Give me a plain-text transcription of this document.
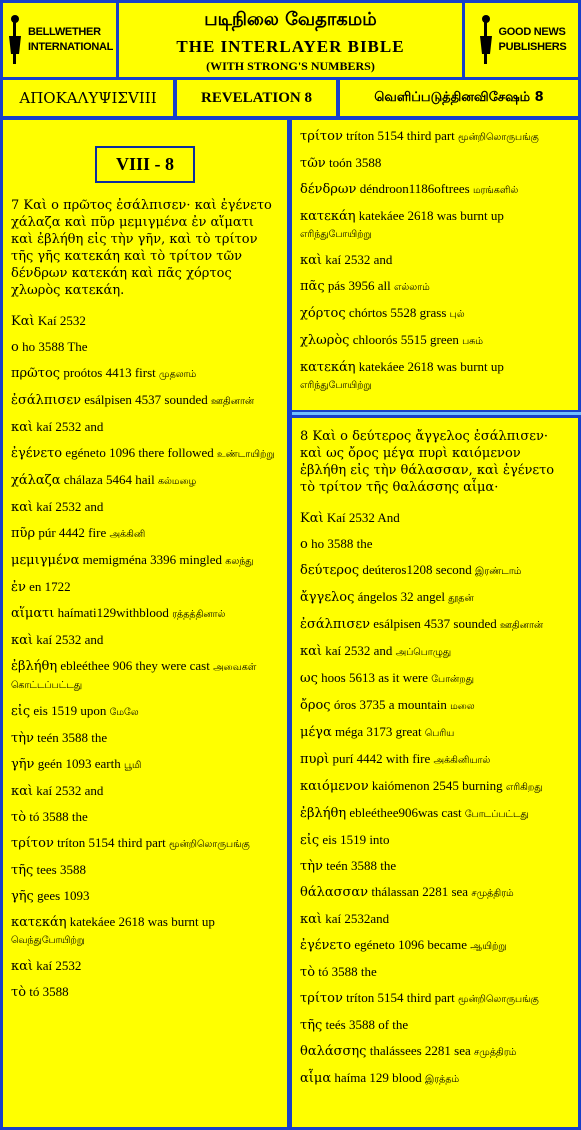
BELLWETHER
INTERNATIONAL
படிநிலை வேதாகமம்
THE INTERLAYER BIBLE
(WITH STRONG'S NUMBERS)
GOOD NEWS
PUBLISHERS
ΑΠΟΚΑΛΥΨΙΣVIII	REVELATION 8	வெளிப்படுத்தினவிசேஷம் 8
VIII - 8
7 Καὶ ο πρῶτος ἐσάλπισεν· καὶ ἐγένετο χάλαζα καὶ πῦρ μεμιγμένα ἐν αἵματι καὶ ἐβλήθη εἰς τὴν γῆν, καὶ τὸ τρίτον τῆς γῆς κατεκάη καὶ τὸ τρίτον τῶν δένδρων κατεκάη καὶ πᾶς χόρτος χλωρὸς κατεκάη.
Καὶ Kaí 2532
ο ho 3588 The
πρῶτος proótos 4413 first முதலாம்
ἐσάλπισεν esálpisen 4537 sounded ஊதினான்
καὶ kaí 2532 and
ἐγένετο egéneto 1096 there followed உண்டாயிற்று
χάλαζα chálaza 5464 hail கல்மழை
καὶ kaí 2532 and
πῦρ púr 4442 fire அக்கினி
μεμιγμένα memigména 3396 mingled கலந்து
ἐν en 1722
αἵματι haímati129withblood ரத்தத்தினால்
καὶ kaí 2532 and
ἐβλήθη ebleéthee 906 they were cast அவைகள் கொட்டப்பட்டது
εἰς eis 1519 upon மேலே
τὴν teén 3588 the
γῆν geén 1093 earth பூமி
καὶ kaí 2532 and
τὸ tó 3588 the
τρίτον tríton 5154 third part மூன்றிலொருபங்கு
τῆς tees 3588
γῆς gees 1093
κατεκάη katekáee 2618 was burnt up வெந்துபோயிற்று
καὶ kaí 2532
τὸ tó 3588
τρίτον tríton 5154 third part மூன்றிலொருபங்கு
τῶν toón 3588
δένδρων déndroon1186oftrees மரங்களில்
κατεκάη katekáee 2618 was burnt up எரிந்துபோயிற்று
καὶ kaí 2532 and
πᾶς pás 3956 all எல்லாம்
χόρτος chórtos 5528 grass புல்
χλωρὸς chloorós 5515 green பசும்
κατεκάη katekáee 2618 was burnt up எரிந்துபோயிற்று
8 Καὶ ο δεύτερος ἄγγελος ἐσάλπισεν· καὶ ως ὄρος μέγα πυρὶ καιόμενον ἐβλήθη εἰς τὴν θάλασσαν, καὶ ἐγένετο τὸ τρίτον τῆς θαλάσσης αἷμα·
Καὶ Kaí 2532 And
ο ho 3588 the
δεύτερος deúteros1208 second இரண்டாம்
ἄγγελος ángelos 32 angel தூதன்
ἐσάλπισεν esálpisen 4537 sounded ஊதினான்
καὶ kaí 2532 and அப்பொழுது
ως hoos 5613 as it were போன்றது
ὄρος óros 3735 a mountain மலை
μέγα méga 3173 great பெரிய
πυρὶ purí 4442 with fire அக்கினியால்
καιόμενον kaiómenon 2545 burning எரிகிறது
ἐβλήθη ebleéthee906was cast போடப்பட்டது
εἰς eis 1519 into
τὴν teén 3588 the
θάλασσαν thálassan 2281 sea சமுத்திரம்
καὶ kaí 2532and
ἐγένετο egéneto 1096 became ஆயிற்று
τὸ tó 3588 the
τρίτον tríton 5154 third part மூன்றிலொருபங்கு
τῆς teés 3588 of the
θαλάσσης thalássees 2281 sea சமுத்திரம்
αἷμα haíma 129 blood இரத்தம்
